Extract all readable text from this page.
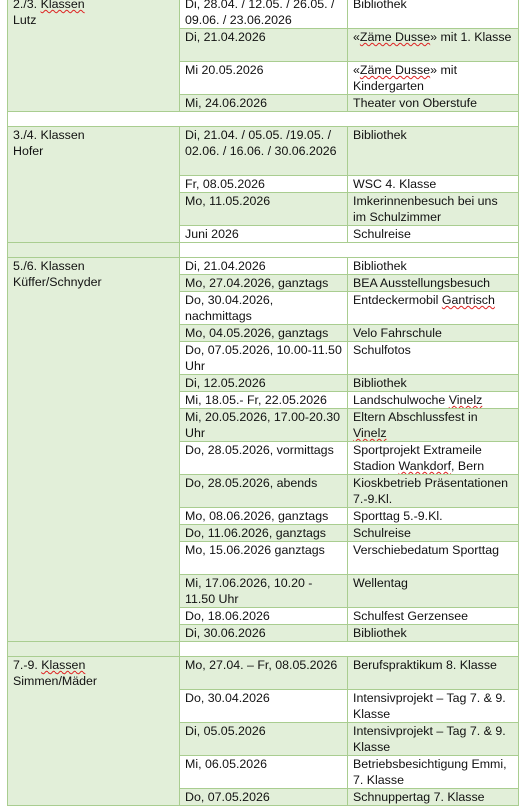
2./3. Klassen
Lutz	Di, 28.04. / 12.05. / 26.05. / 09.06. / 23.06.2026	Bibliothek
	Di, 21.04.2026	«Zäme Dusse» mit 1. Klasse
	Mi 20.05.2026	«Zäme Dusse» mit Kindergarten
	Mi, 24.06.2026	Theater von Oberstufe

3./4. Klassen
Hofer	Di, 21.04. / 05.05. /19.05. / 02.06. / 16.06. / 30.06.2026	Bibliothek
	Fr, 08.05.2026	WSC 4. Klasse
	Mo, 11.05.2026	Imkerinnenbesuch bei uns im Schulzimmer
	Juni 2026	Schulreise

5./6. Klassen
Küffer/Schnyder	Di, 21.04.2026	Bibliothek
	Mo, 27.04.2026, ganztags	BEA Ausstellungsbesuch
	Do, 30.04.2026, nachmittags	Entdeckermobil Gantrisch
	Mo, 04.05.2026, ganztags	Velo Fahrschule
	Do, 07.05.2026, 10.00-11.50 Uhr	Schulfotos
	Di, 12.05.2026	Bibliothek
	Mi, 18.05.- Fr, 22.05.2026	Landschulwoche Vinelz
	Mi, 20.05.2026, 17.00-20.30 Uhr	Eltern Abschlussfest in Vinelz
	Do, 28.05.2026, vormittags	Sportprojekt Extrameile Stadion Wankdorf, Bern
	Do, 28.05.2026, abends	Kioskbetrieb Präsentationen 7.-9.Kl.
	Mo, 08.06.2026, ganztags	Sporttag 5.-9.Kl.
	Do, 11.06.2026, ganztags	Schulreise
	Mo, 15.06.2026 ganztags	Verschiebedatum Sporttag
	Mi, 17.06.2026, 10.20 - 11.50 Uhr	Wellentag
	Do, 18.06.2026	Schulfest Gerzensee
	Di, 30.06.2026	Bibliothek

7.-9. Klassen
Simmen/Mäder	Mo, 27.04. – Fr, 08.05.2026	Berufspraktikum 8. Klasse
	Do, 30.04.2026	Intensivprojekt – Tag 7. & 9. Klasse
	Di, 05.05.2026	Intensivprojekt – Tag 7. & 9. Klasse
	Mi, 06.05.2026	Betriebsbesichtigung Emmi, 7. Klasse
	Do, 07.05.2026	Schnuppertag 7. Klasse
